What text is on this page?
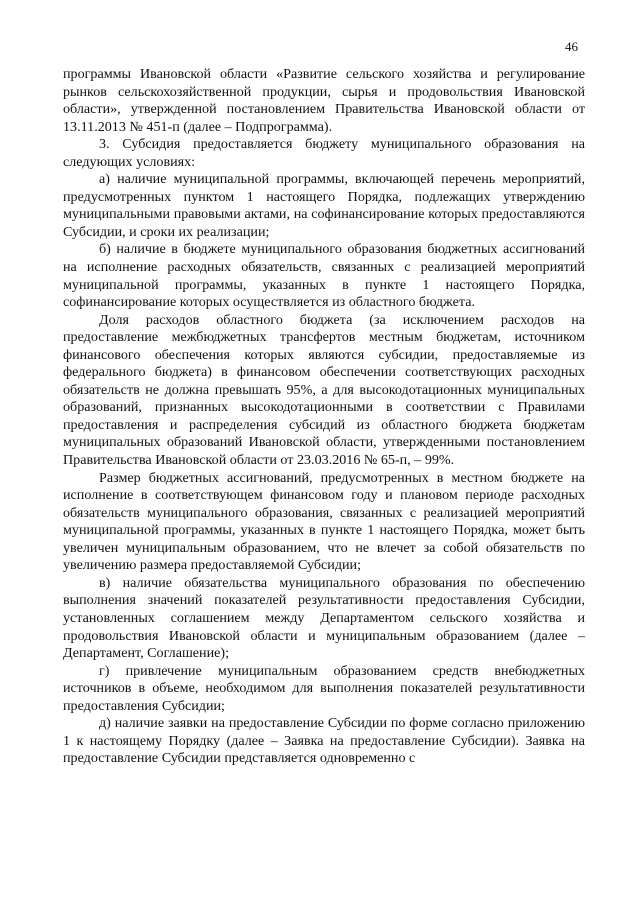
46

программы Ивановской области «Развитие сельского хозяйства и регулирование рынков сельскохозяйственной продукции, сырья и продовольствия Ивановской области», утвержденной постановлением Правительства Ивановской области от 13.11.2013 № 451-п (далее – Подпрограмма).

3. Субсидия предоставляется бюджету муниципального образования на следующих условиях:

а) наличие муниципальной программы, включающей перечень мероприятий, предусмотренных пунктом 1 настоящего Порядка, подлежащих утверждению муниципальными правовыми актами, на софинансирование которых предоставляются Субсидии, и сроки их реализации;

б) наличие в бюджете муниципального образования бюджетных ассигнований на исполнение расходных обязательств, связанных с реализацией мероприятий муниципальной программы, указанных в пункте 1 настоящего Порядка, софинансирование которых осуществляется из областного бюджета.

Доля расходов областного бюджета (за исключением расходов на предоставление межбюджетных трансфертов местным бюджетам, источником финансового обеспечения которых являются субсидии, предоставляемые из федерального бюджета) в финансовом обеспечении соответствующих расходных обязательств не должна превышать 95%, а для высокодотационных муниципальных образований, признанных высокодотационными в соответствии с Правилами предоставления и распределения субсидий из областного бюджета бюджетам муниципальных образований Ивановской области, утвержденными постановлением Правительства Ивановской области от 23.03.2016 № 65-п, – 99%.

Размер бюджетных ассигнований, предусмотренных в местном бюджете на исполнение в соответствующем финансовом году и плановом периоде расходных обязательств муниципального образования, связанных с реализацией мероприятий муниципальной программы, указанных в пункте 1 настоящего Порядка, может быть увеличен муниципальным образованием, что не влечет за собой обязательств по увеличению размера предоставляемой Субсидии;

в) наличие обязательства муниципального образования по обеспечению выполнения значений показателей результативности предоставления Субсидии, установленных соглашением между Департаментом сельского хозяйства и продовольствия Ивановской области и муниципальным образованием (далее – Департамент, Соглашение);

г) привлечение муниципальным образованием средств внебюджетных источников в объеме, необходимом для выполнения показателей результативности предоставления Субсидии;

д) наличие заявки на предоставление Субсидии по форме согласно приложению 1 к настоящему Порядку (далее – Заявка на предоставление Субсидии). Заявка на предоставление Субсидии представляется одновременно с
